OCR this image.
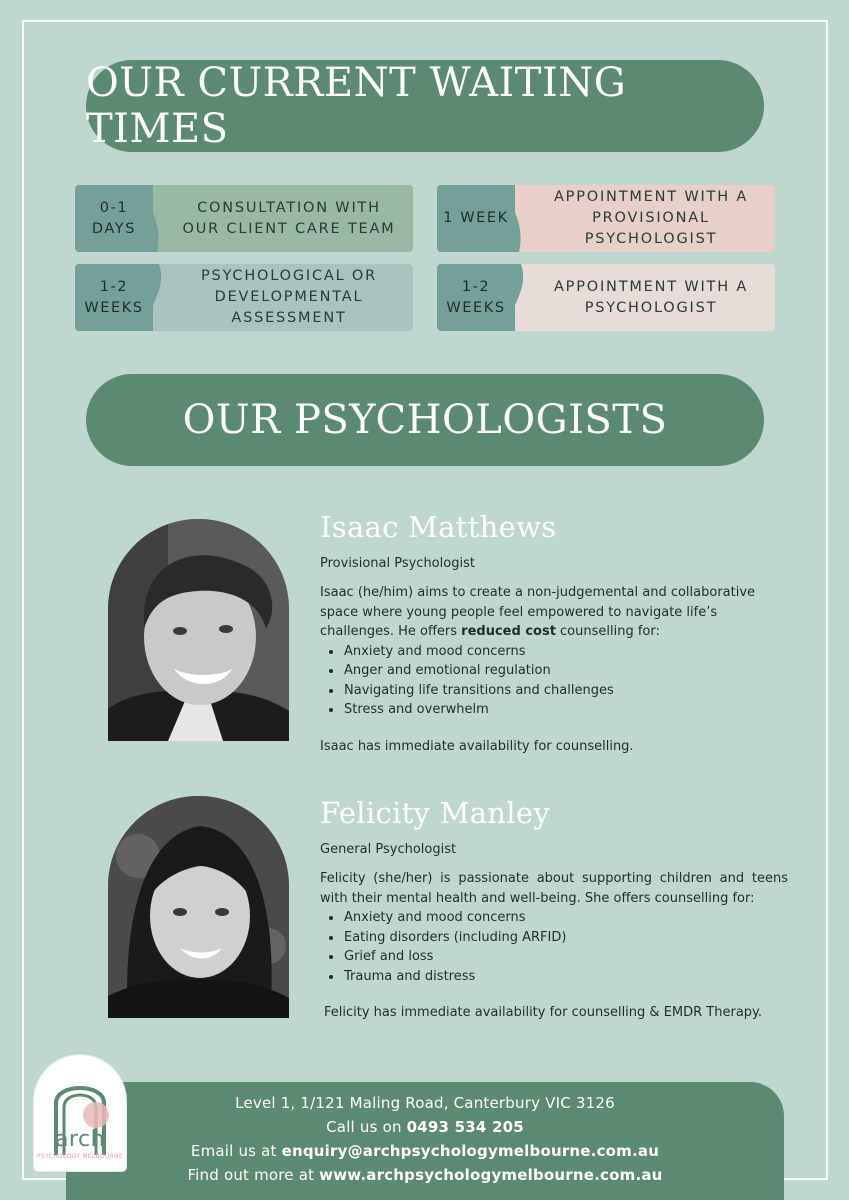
OUR CURRENT WAITING TIMES
0-1
DAYS
CONSULTATION WITH
OUR CLIENT CARE TEAM
1 WEEK
APPOINTMENT WITH A
PROVISIONAL
PSYCHOLOGIST
1-2
WEEKS
PSYCHOLOGICAL OR
DEVELOPMENTAL
ASSESSMENT
1-2
WEEKS
APPOINTMENT WITH A
PSYCHOLOGIST
OUR PSYCHOLOGISTS
Isaac Matthews
Provisional Psychologist

Isaac (he/him) aims to create a non-judgemental and collaborative space where young people feel empowered to navigate life’s challenges. He offers reduced cost counselling for:

Anxiety and mood concerns
Anger and emotional regulation
Navigating life transitions and challenges
Stress and overwhelm
Isaac has immediate availability for counselling.
Felicity Manley
General Psychologist

Felicity (she/her) is passionate about supporting children and teens with their mental health and well-being. She offers counselling for:

Anxiety and mood concerns
Eating disorders (including ARFID)
Grief and loss
Trauma and distress
Felicity has immediate availability for counselling & EMDR Therapy.
Level 1, 1/121 Maling Road, Canterbury VIC 3126
Call us on 0493 534 205
Email us at enquiry@archpsychologymelbourne.com.au
Find out more at www.archpsychologymelbourne.com.au
arch
PSYCHOLOGY MELBOURNE
